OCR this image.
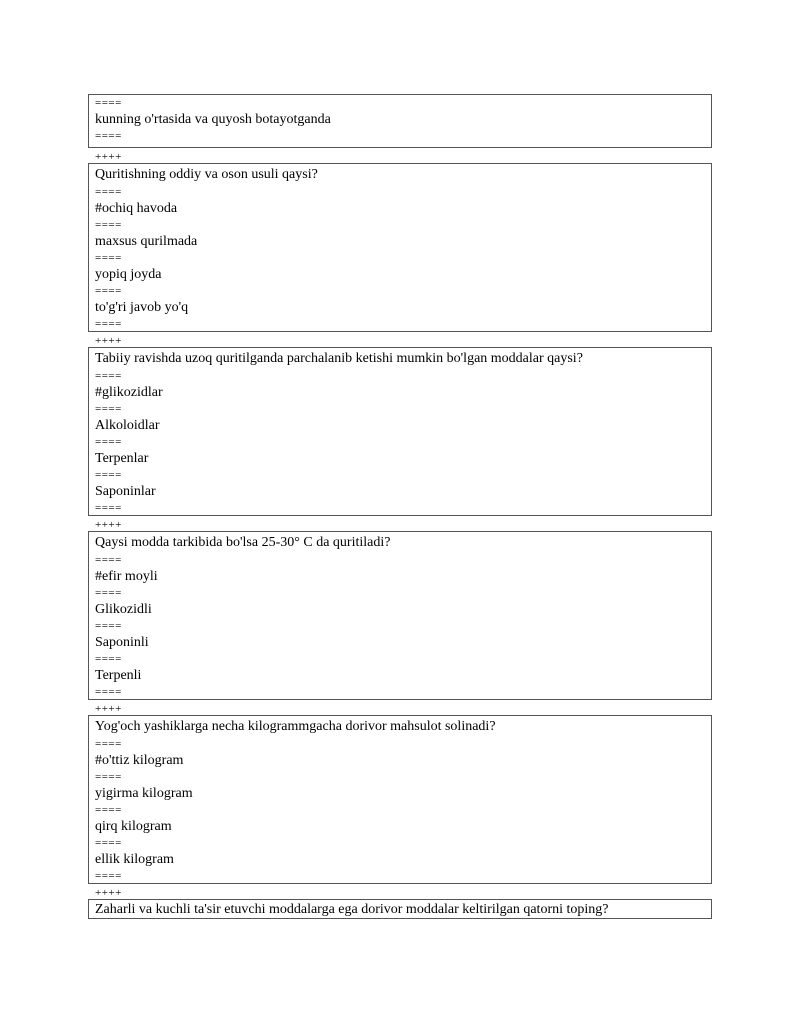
====
kunning o'rtasida va quyosh botayotganda
====
++++
Quritishning oddiy va oson usuli qaysi?
====
#ochiq havoda
====
maxsus qurilmada
====
yopiq joyda
====
to'g'ri javob yo'q
====
++++
Tabiiy ravishda uzoq quritilganda parchalanib ketishi mumkin bo'lgan moddalar qaysi?
====
#glikozidlar
====
Alkoloidlar
====
Terpenlar
====
Saponinlar
====
++++
Qaysi modda tarkibida bo'lsa 25-30° C da quritiladi?
====
#efir moyli
====
Glikozidli
====
Saponinli
====
Terpenli
====
++++
Yog'och yashiklarga necha kilogrammgacha dorivor mahsulot solinadi?
====
#o'ttiz kilogram
====
yigirma kilogram
====
qirq kilogram
====
ellik kilogram
====
++++
Zaharli va kuchli ta'sir etuvchi moddalarga ega dorivor moddalar keltirilgan qatorni toping?
